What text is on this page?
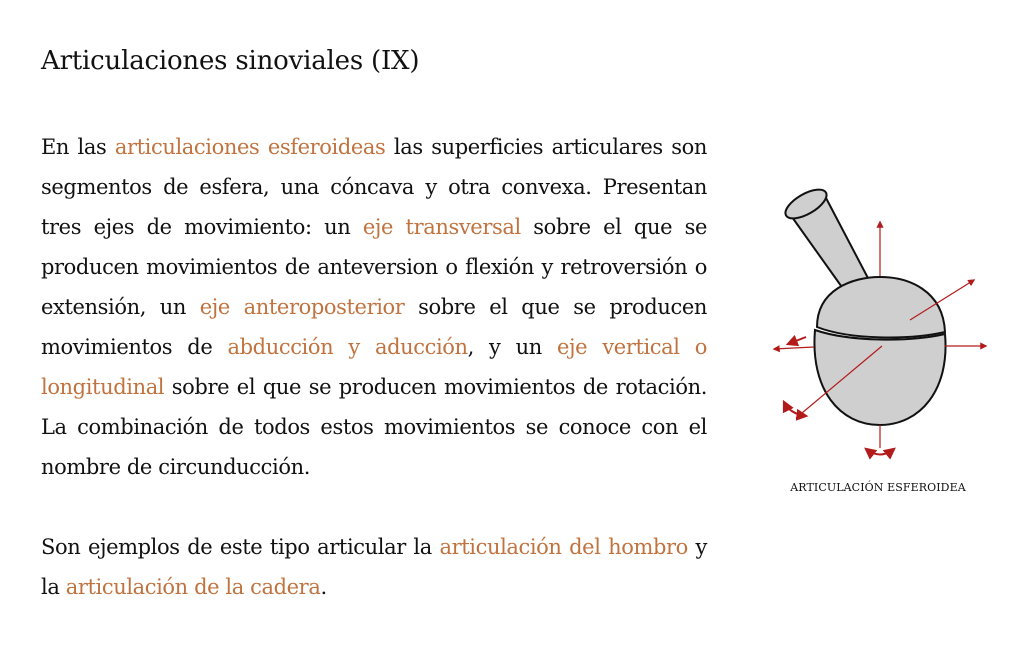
Articulaciones sinoviales (IX)

En las articulaciones esferoideas las superficies articulares son segmentos de esfera, una cóncava y otra convexa. Presentan tres ejes de movimiento: un eje transversal sobre el que se producen movimientos de anteversion o flexión y retroversión o extensión, un eje anteroposterior sobre el que se producen movimientos de abducción y aducción, y un eje vertical o longitudinal sobre el que se producen movimientos de rotación. La combinación de todos estos movimientos se conoce con el nombre de circunducción.

ARTICULACIÓN ESFEROIDEA

Son ejemplos de este tipo articular la articulación del hombro y la articulación de la cadera.
